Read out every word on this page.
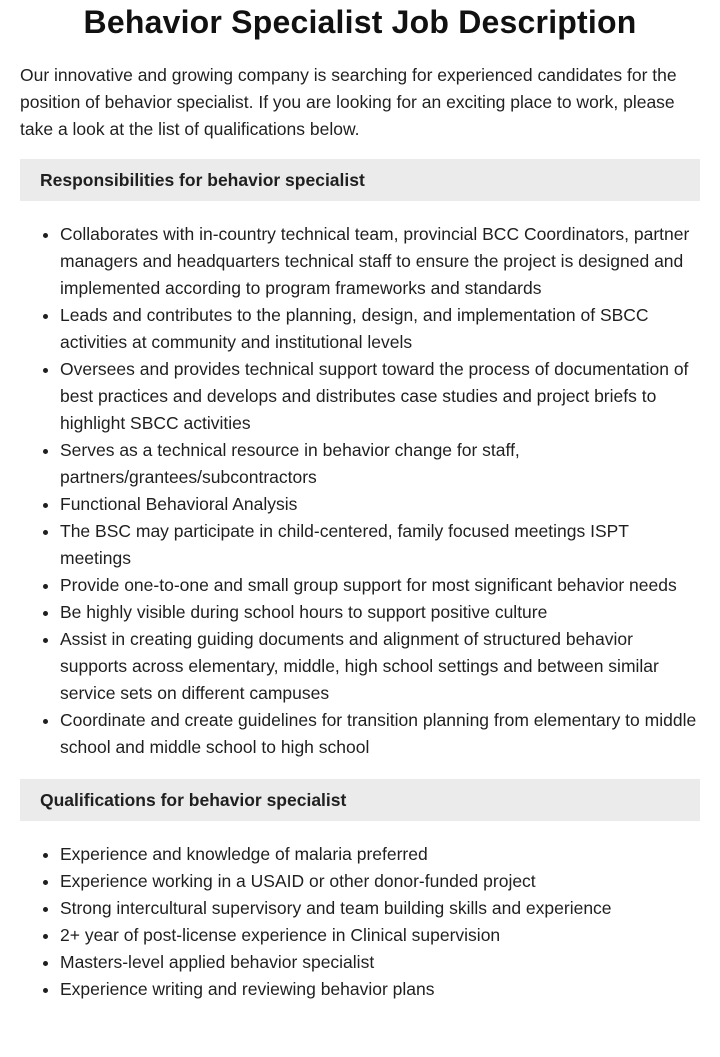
Behavior Specialist Job Description

Our innovative and growing company is searching for experienced candidates for the position of behavior specialist. If you are looking for an exciting place to work, please take a look at the list of qualifications below.

Responsibilities for behavior specialist
Collaborates with in-country technical team, provincial BCC Coordinators, partner managers and headquarters technical staff to ensure the project is designed and implemented according to program frameworks and standards
Leads and contributes to the planning, design, and implementation of SBCC activities at community and institutional levels
Oversees and provides technical support toward the process of documentation of best practices and develops and distributes case studies and project briefs to highlight SBCC activities
Serves as a technical resource in behavior change for staff, partners/grantees/subcontractors
Functional Behavioral Analysis
The BSC may participate in child-centered, family focused meetings ISPT meetings
Provide one-to-one and small group support for most significant behavior needs
Be highly visible during school hours to support positive culture
Assist in creating guiding documents and alignment of structured behavior supports across elementary, middle, high school settings and between similar service sets on different campuses
Coordinate and create guidelines for transition planning from elementary to middle school and middle school to high school
Qualifications for behavior specialist
Experience and knowledge of malaria preferred
Experience working in a USAID or other donor-funded project
Strong intercultural supervisory and team building skills and experience
2+ year of post-license experience in Clinical supervision
Masters-level applied behavior specialist
Experience writing and reviewing behavior plans
